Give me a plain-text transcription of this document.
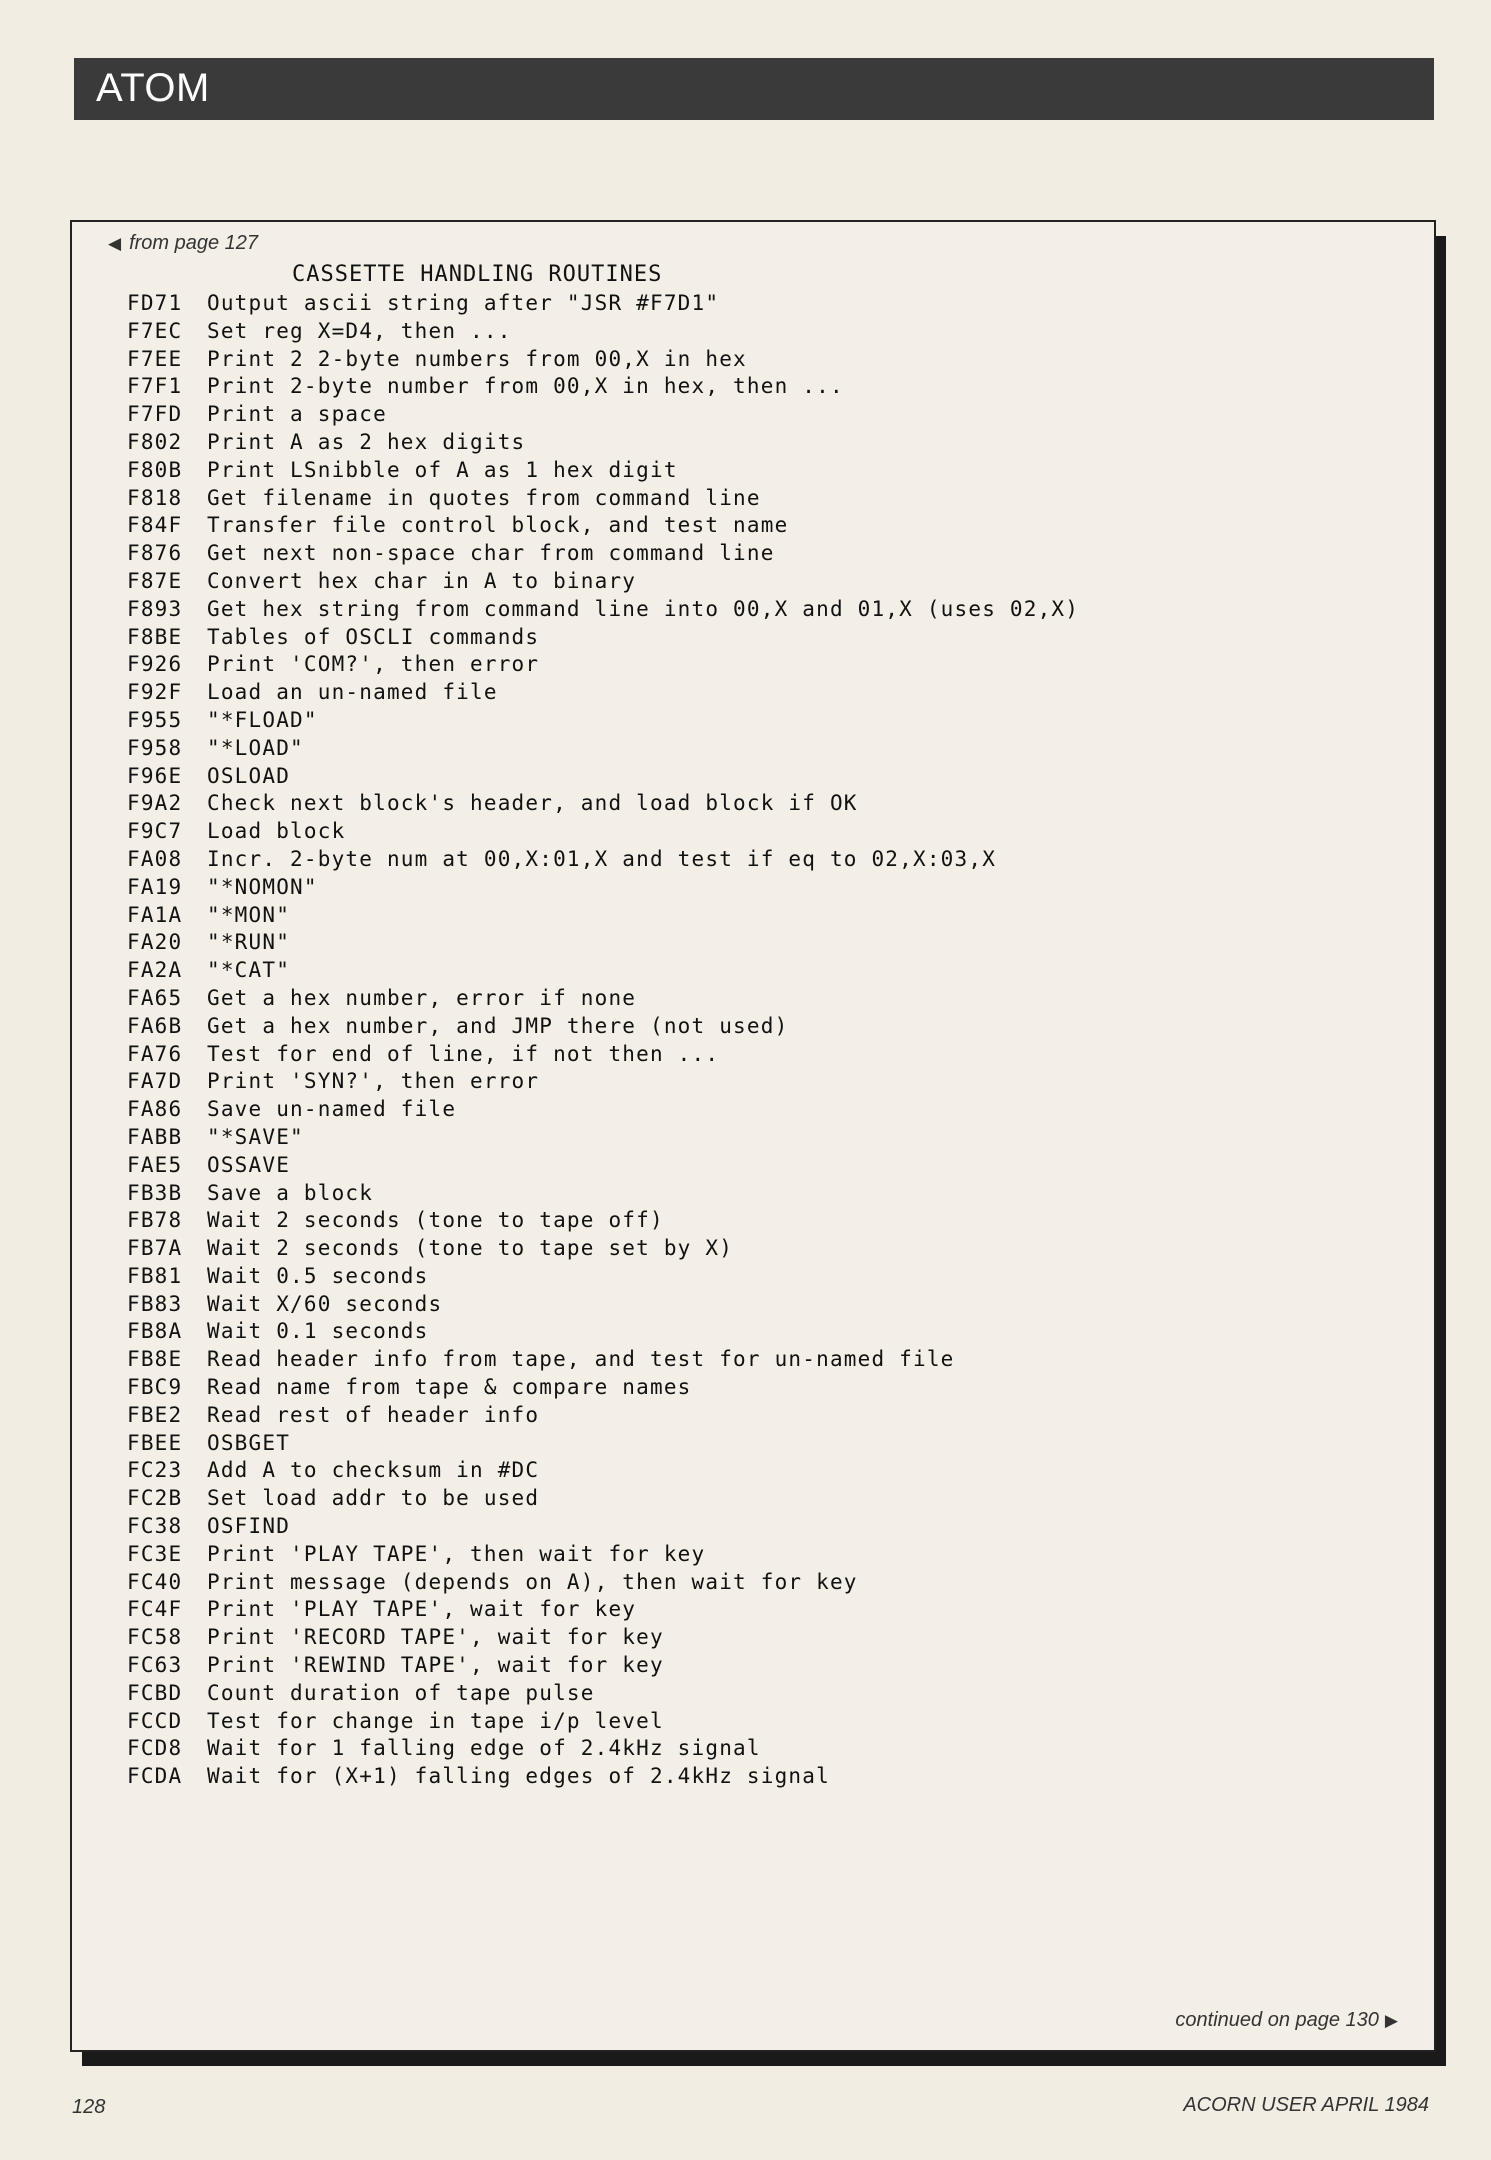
ATOM
◀ from page 127
CASSETTE HANDLING ROUTINES
FD71 Output ascii string after "JSR #F7D1"
F7EC Set reg X=D4, then ...
F7EE Print 2 2-byte numbers from 00,X in hex
F7F1 Print 2-byte number from 00,X in hex, then ...
F7FD Print a space
F802 Print A as 2 hex digits
F80B Print LSnibble of A as 1 hex digit
F818 Get filename in quotes from command line
F84F Transfer file control block, and test name
F876 Get next non-space char from command line
F87E Convert hex char in A to binary
F893 Get hex string from command line into 00,X and 01,X (uses 02,X)
F8BE Tables of OSCLI commands
F926 Print 'COM?', then error
F92F Load an un-named file
F955 "*FLOAD"
F958 "*LOAD"
F96E OSLOAD
F9A2 Check next block's header, and load block if OK
F9C7 Load block
FA08 Incr. 2-byte num at 00,X:01,X and test if eq to 02,X:03,X
FA19 "*NOMON"
FA1A "*MON"
FA20 "*RUN"
FA2A "*CAT"
FA65 Get a hex number, error if none
FA6B Get a hex number, and JMP there (not used)
FA76 Test for end of line, if not then ...
FA7D Print 'SYN?', then error
FA86 Save un-named file
FABB "*SAVE"
FAE5 OSSAVE
FB3B Save a block
FB78 Wait 2 seconds (tone to tape off)
FB7A Wait 2 seconds (tone to tape set by X)
FB81 Wait 0.5 seconds
FB83 Wait X/60 seconds
FB8A Wait 0.1 seconds
FB8E Read header info from tape, and test for un-named file
FBC9 Read name from tape & compare names
FBE2 Read rest of header info
FBEE OSBGET
FC23 Add A to checksum in #DC
FC2B Set load addr to be used
FC38 OSFIND
FC3E Print 'PLAY TAPE', then wait for key
FC40 Print message (depends on A), then wait for key
FC4F Print 'PLAY TAPE', wait for key
FC58 Print 'RECORD TAPE', wait for key
FC63 Print 'REWIND TAPE', wait for key
FCBD Count duration of tape pulse
FCCD Test for change in tape i/p level
FCD8 Wait for 1 falling edge of 2.4kHz signal
FCDA Wait for (X+1) falling edges of 2.4kHz signal
continued on page 130 ▶
128	ACORN USER APRIL 1984
